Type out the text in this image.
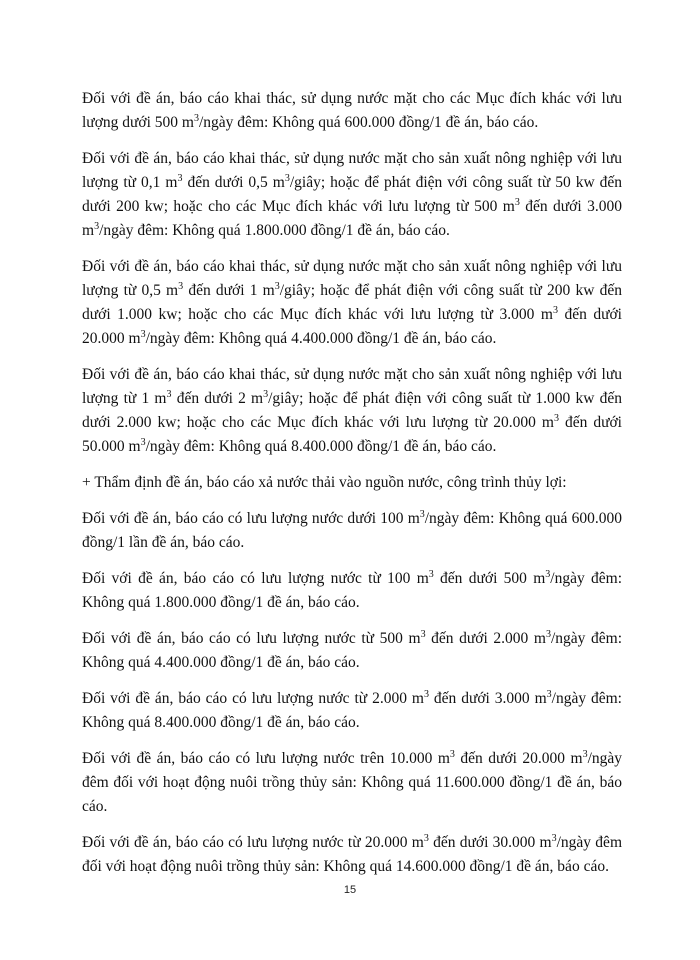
Đối với đề án, báo cáo khai thác, sử dụng nước mặt cho các Mục đích khác với lưu lượng dưới 500 $m^3$/ngày đêm: Không quá 600.000 đồng/1 đề án, báo cáo.

Đối với đề án, báo cáo khai thác, sử dụng nước mặt cho sản xuất nông nghiệp với lưu lượng từ 0,1 $m^3$ đến dưới 0,5 $m^3$/giây; hoặc để phát điện với công suất từ 50 kw đến dưới 200 kw; hoặc cho các Mục đích khác với lưu lượng từ 500 $m^3$ đến dưới 3.000 $m^3$/ngày đêm: Không quá 1.800.000 đồng/1 đề án, báo cáo.

Đối với đề án, báo cáo khai thác, sử dụng nước mặt cho sản xuất nông nghiệp với lưu lượng từ 0,5 $m^3$ đến dưới 1 $m^3$/giây; hoặc để phát điện với công suất từ 200 kw đến dưới 1.000 kw; hoặc cho các Mục đích khác với lưu lượng từ 3.000 $m^3$ đến dưới 20.000 $m^3$/ngày đêm: Không quá 4.400.000 đồng/1 đề án, báo cáo.

Đối với đề án, báo cáo khai thác, sử dụng nước mặt cho sản xuất nông nghiệp với lưu lượng từ 1 $m^3$ đến dưới 2 $m^3$/giây; hoặc để phát điện với công suất từ 1.000 kw đến dưới 2.000 kw; hoặc cho các Mục đích khác với lưu lượng từ 20.000 $m^3$ đến dưới 50.000 $m^3$/ngày đêm: Không quá 8.400.000 đồng/1 đề án, báo cáo.

+ Thẩm định đề án, báo cáo xả nước thải vào nguồn nước, công trình thủy lợi:

Đối với đề án, báo cáo có lưu lượng nước dưới 100 $m^3$/ngày đêm: Không quá 600.000 đồng/1 lần đề án, báo cáo.

Đối với đề án, báo cáo có lưu lượng nước từ 100 $m^3$ đến dưới 500 $m^3$/ngày đêm: Không quá 1.800.000 đồng/1 đề án, báo cáo.

Đối với đề án, báo cáo có lưu lượng nước từ 500 $m^3$ đến dưới 2.000 $m^3$/ngày đêm: Không quá 4.400.000 đồng/1 đề án, báo cáo.

Đối với đề án, báo cáo có lưu lượng nước từ 2.000 $m^3$ đến dưới 3.000 $m^3$/ngày đêm: Không quá 8.400.000 đồng/1 đề án, báo cáo.

Đối với đề án, báo cáo có lưu lượng nước trên 10.000 $m^3$ đến dưới 20.000 $m^3$/ngày đêm đối với hoạt động nuôi trồng thủy sản: Không quá 11.600.000 đồng/1 đề án, báo cáo.

Đối với đề án, báo cáo có lưu lượng nước từ 20.000 $m^3$ đến dưới 30.000 $m^3$/ngày đêm đối với hoạt động nuôi trồng thủy sản: Không quá 14.600.000 đồng/1 đề án, báo cáo.

15
